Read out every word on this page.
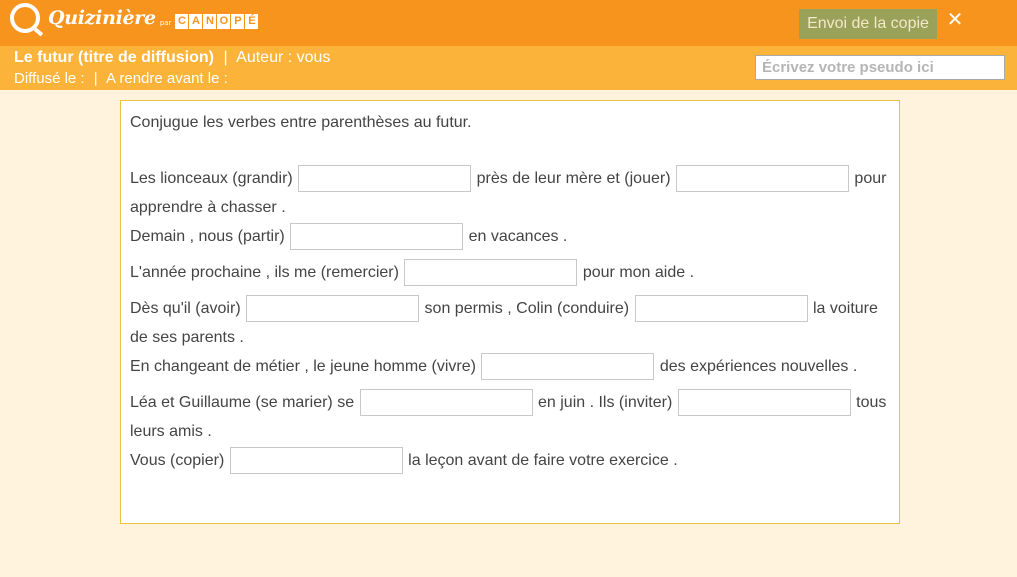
Quizinière par C A N O P É	Envoi de la copie ✕
Le futur (titre de diffusion) | Auteur : vous
Diffusé le : | A rendre avant le :
Écrivez votre pseudo ici

Conjugue les verbes entre parenthèses au futur.

Les lionceaux (grandir)	près de leur mère et (jouer)	pour apprendre à chasser .

Demain , nous (partir)	en vacances .

L'année prochaine , ils me (remercier)	pour mon aide .

Dès qu'il (avoir)	son permis , Colin (conduire)	la voiture de ses parents .

En changeant de métier , le jeune homme (vivre)	des expériences nouvelles .

Léa et Guillaume (se marier) se	en juin . Ils (inviter)	tous leurs amis .

Vous (copier)	la leçon avant de faire votre exercice .
